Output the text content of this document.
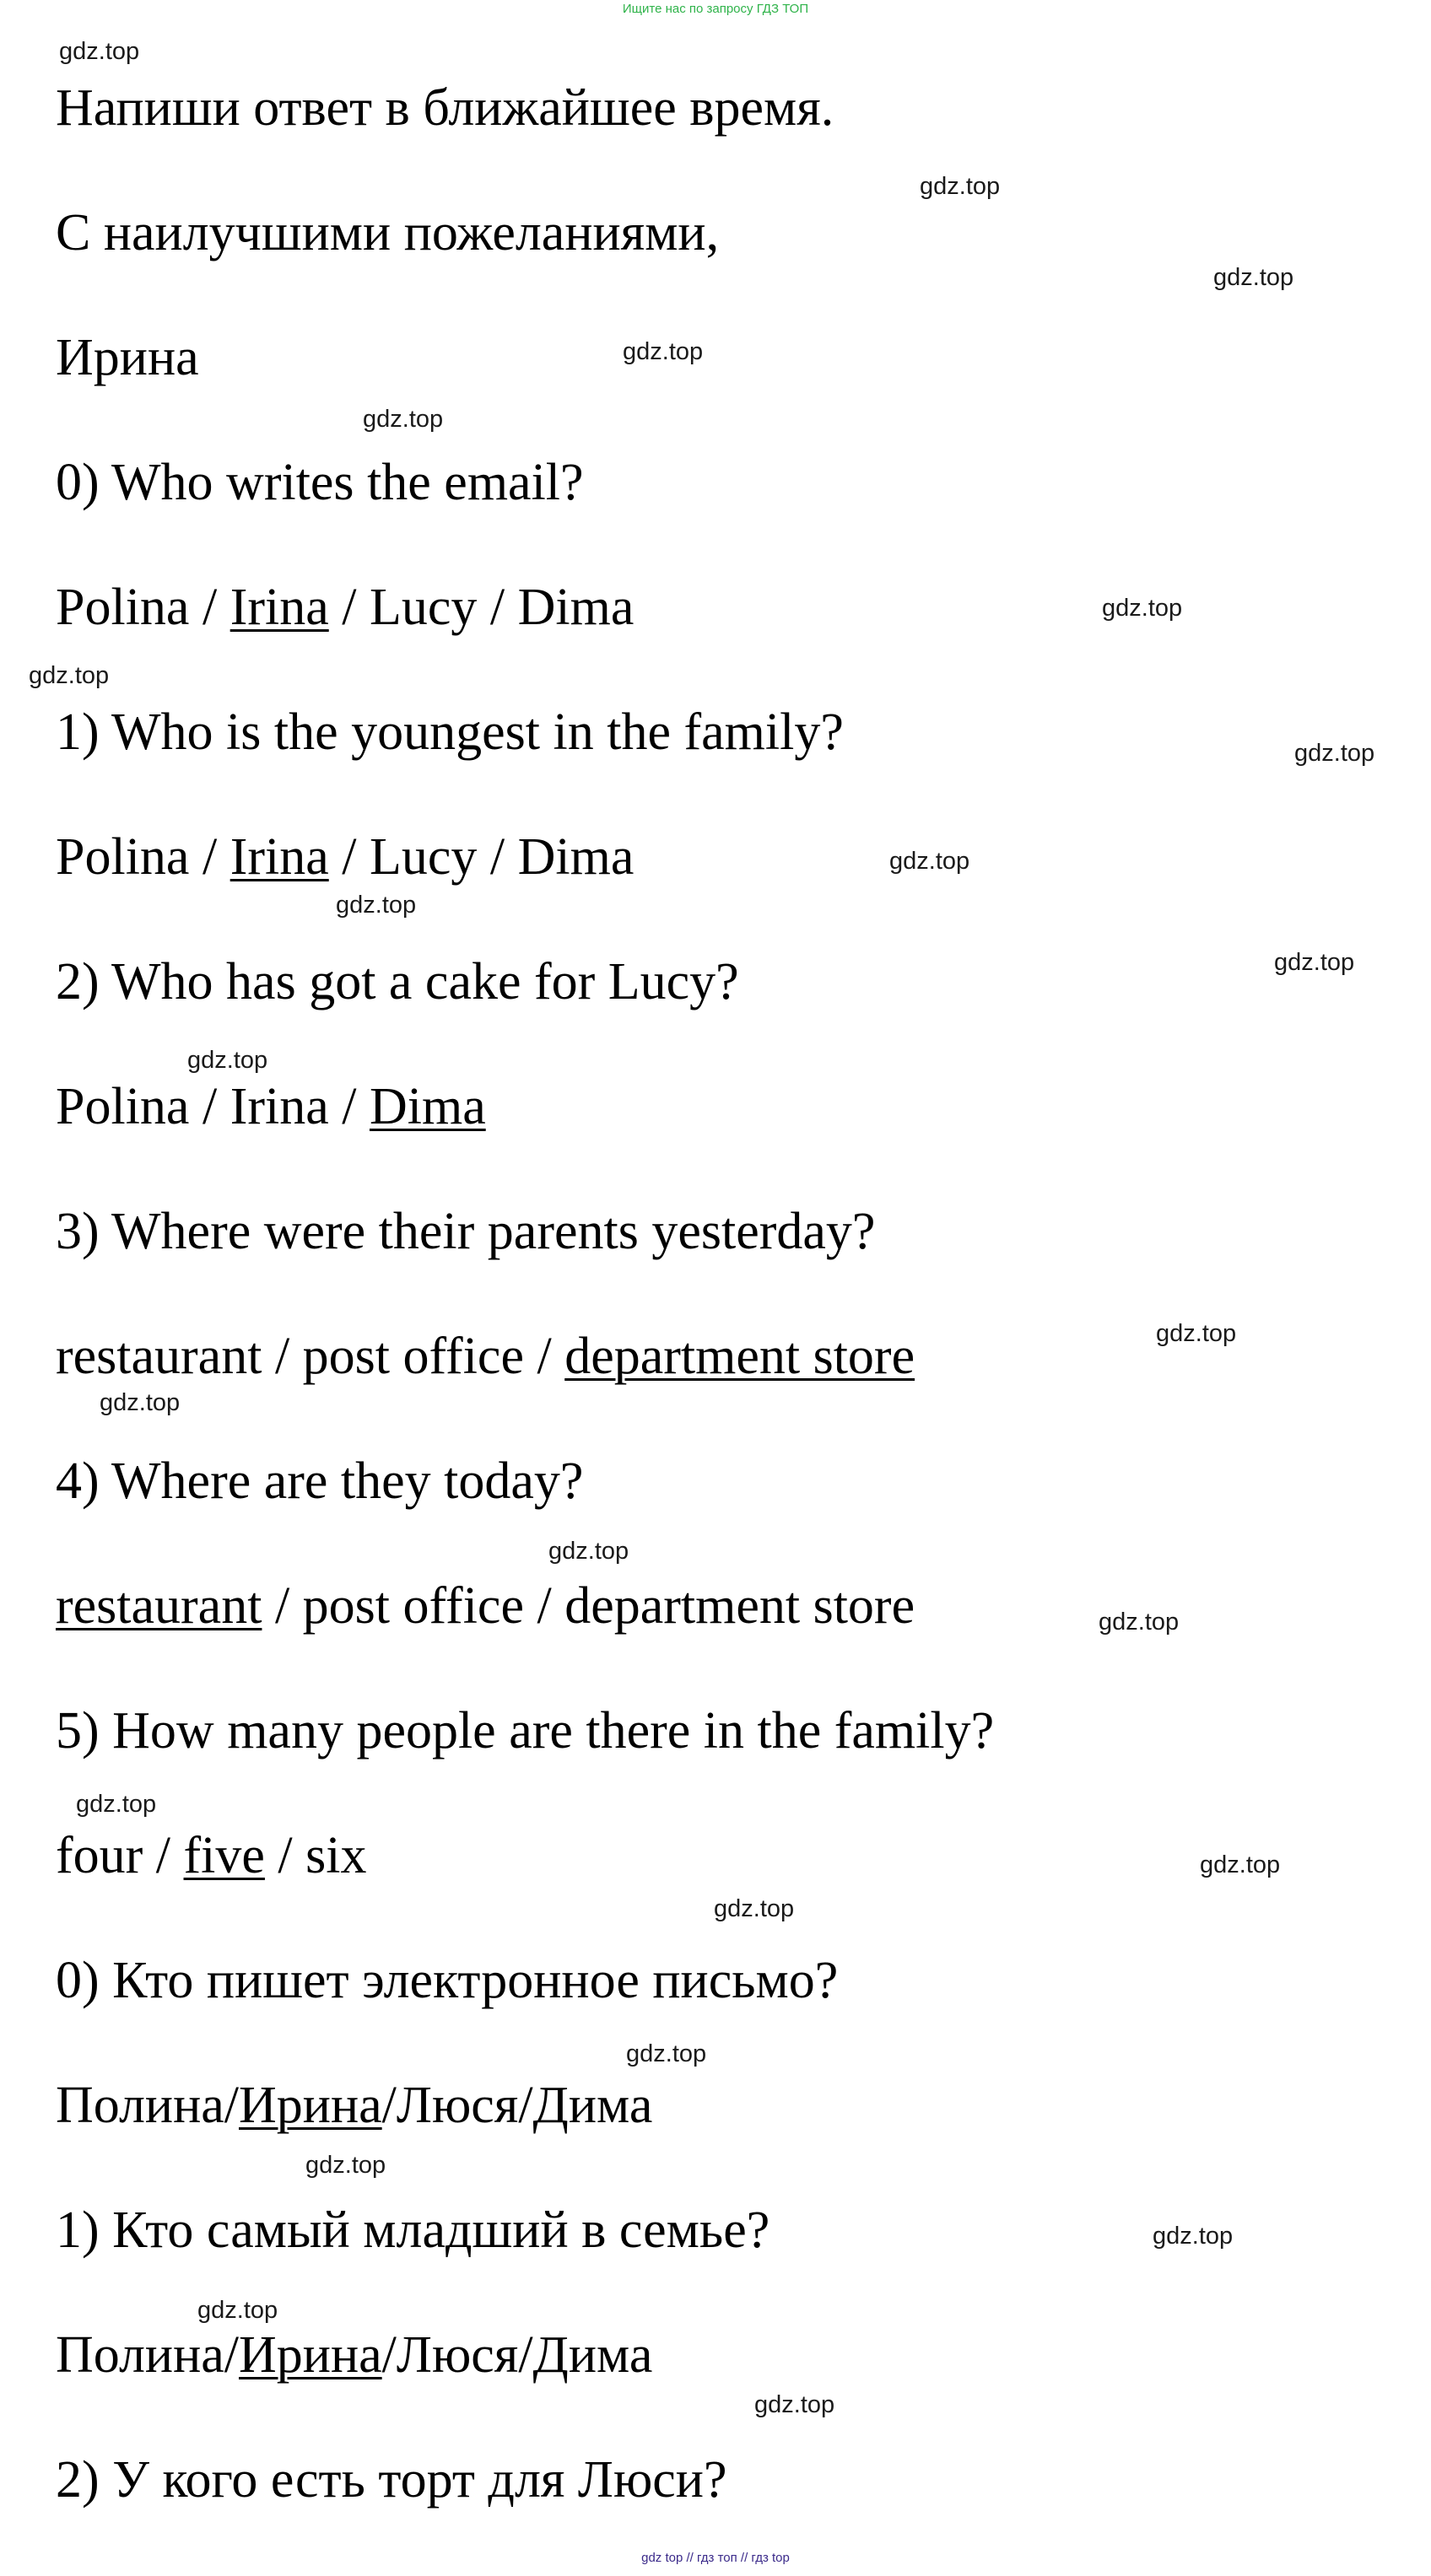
Ищите нас по запросу ГДЗ ТОП
Напиши ответ в ближайшее время.
С наилучшими пожеланиями,
Ирина
0) Who writes the email?
Polina / Irina / Lucy / Dima
1) Who is the youngest in the family?
Polina / Irina / Lucy / Dima
2) Who has got a cake for Lucy?
Polina / Irina / Dima
3) Where were their parents yesterday?
restaurant / post office / department store
4) Where are they today?
restaurant / post office / department store
5) How many people are there in the family?
four / five / six
0) Кто пишет электронное письмо?
Полина/Ирина/Люся/Дима
1) Кто самый младший в семье?
Полина/Ирина/Люся/Дима
2) У кого есть торт для Люси?
gdz.top
gdz.top
gdz.top
gdz.top
gdz.top
gdz.top
gdz.top
gdz.top
gdz.top
gdz.top
gdz.top
gdz.top
gdz.top
gdz.top
gdz.top
gdz.top
gdz.top
gdz.top
gdz.top
gdz.top
gdz.top
gdz.top
gdz.top
gdz.top
gdz top // гдз топ // гдз top
